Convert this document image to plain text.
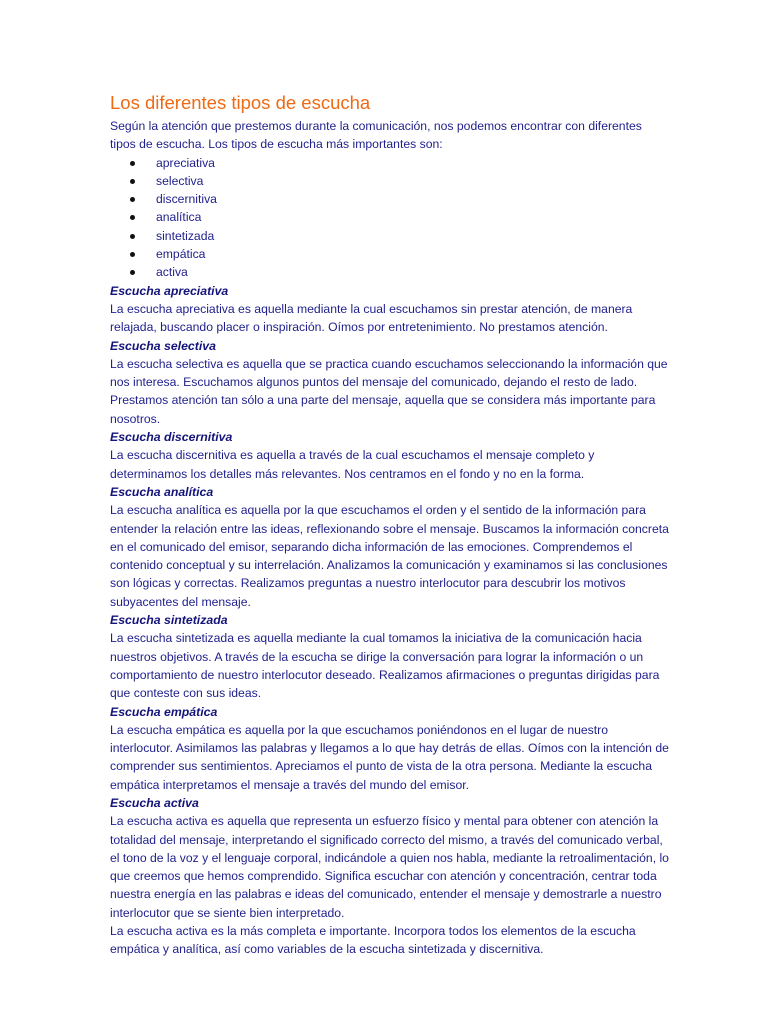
Los diferentes tipos de escucha

Según la atención que prestemos durante la comunicación, nos podemos encontrar con diferentes tipos de escucha. Los tipos de escucha más importantes son:

apreciativa
selectiva
discernitiva
analítica
sintetizada
empática
activa
Escucha apreciativa

La escucha apreciativa es aquella mediante la cual escuchamos sin prestar atención, de manera relajada, buscando placer o inspiración. Oímos por entretenimiento. No prestamos atención.

Escucha selectiva

La escucha selectiva es aquella que se practica cuando escuchamos seleccionando la información que nos interesa. Escuchamos algunos puntos del mensaje del comunicado, dejando el resto de lado. Prestamos atención tan sólo a una parte del mensaje, aquella que se considera más importante para nosotros.

Escucha discernitiva

La escucha discernitiva es aquella a través de la cual escuchamos el mensaje completo y determinamos los detalles más relevantes. Nos centramos en el fondo y no en la forma.

Escucha analítica

La escucha analítica es aquella por la que escuchamos el orden y el sentido de la información para entender la relación entre las ideas, reflexionando sobre el mensaje. Buscamos la información concreta en el comunicado del emisor, separando dicha información de las emociones. Comprendemos el contenido conceptual y su interrelación. Analizamos la comunicación y examinamos si las conclusiones son lógicas y correctas. Realizamos preguntas a nuestro interlocutor para descubrir los motivos subyacentes del mensaje.

Escucha sintetizada

La escucha sintetizada es aquella mediante la cual tomamos la iniciativa de la comunicación hacia nuestros objetivos. A través de la escucha se dirige la conversación para lograr la información o un comportamiento de nuestro interlocutor deseado. Realizamos afirmaciones o preguntas dirigidas para que conteste con sus ideas.

Escucha empática

La escucha empática es aquella por la que escuchamos poniéndonos en el lugar de nuestro interlocutor. Asimilamos las palabras y llegamos a lo que hay detrás de ellas. Oímos con la intención de comprender sus sentimientos. Apreciamos el punto de vista de la otra persona. Mediante la escucha empática interpretamos el mensaje a través del mundo del emisor.

Escucha activa

La escucha activa es aquella que representa un esfuerzo físico y mental para obtener con atención la totalidad del mensaje, interpretando el significado correcto del mismo, a través del comunicado verbal, el tono de la voz y el lenguaje corporal, indicándole a quien nos habla, mediante la retroalimentación, lo que creemos que hemos comprendido. Significa escuchar con atención y concentración, centrar toda nuestra energía en las palabras e ideas del comunicado, entender el mensaje y demostrarle a nuestro interlocutor que se siente bien interpretado.

La escucha activa es la más completa e importante. Incorpora todos los elementos de la escucha empática y analítica, así como variables de la escucha sintetizada y discernitiva.
